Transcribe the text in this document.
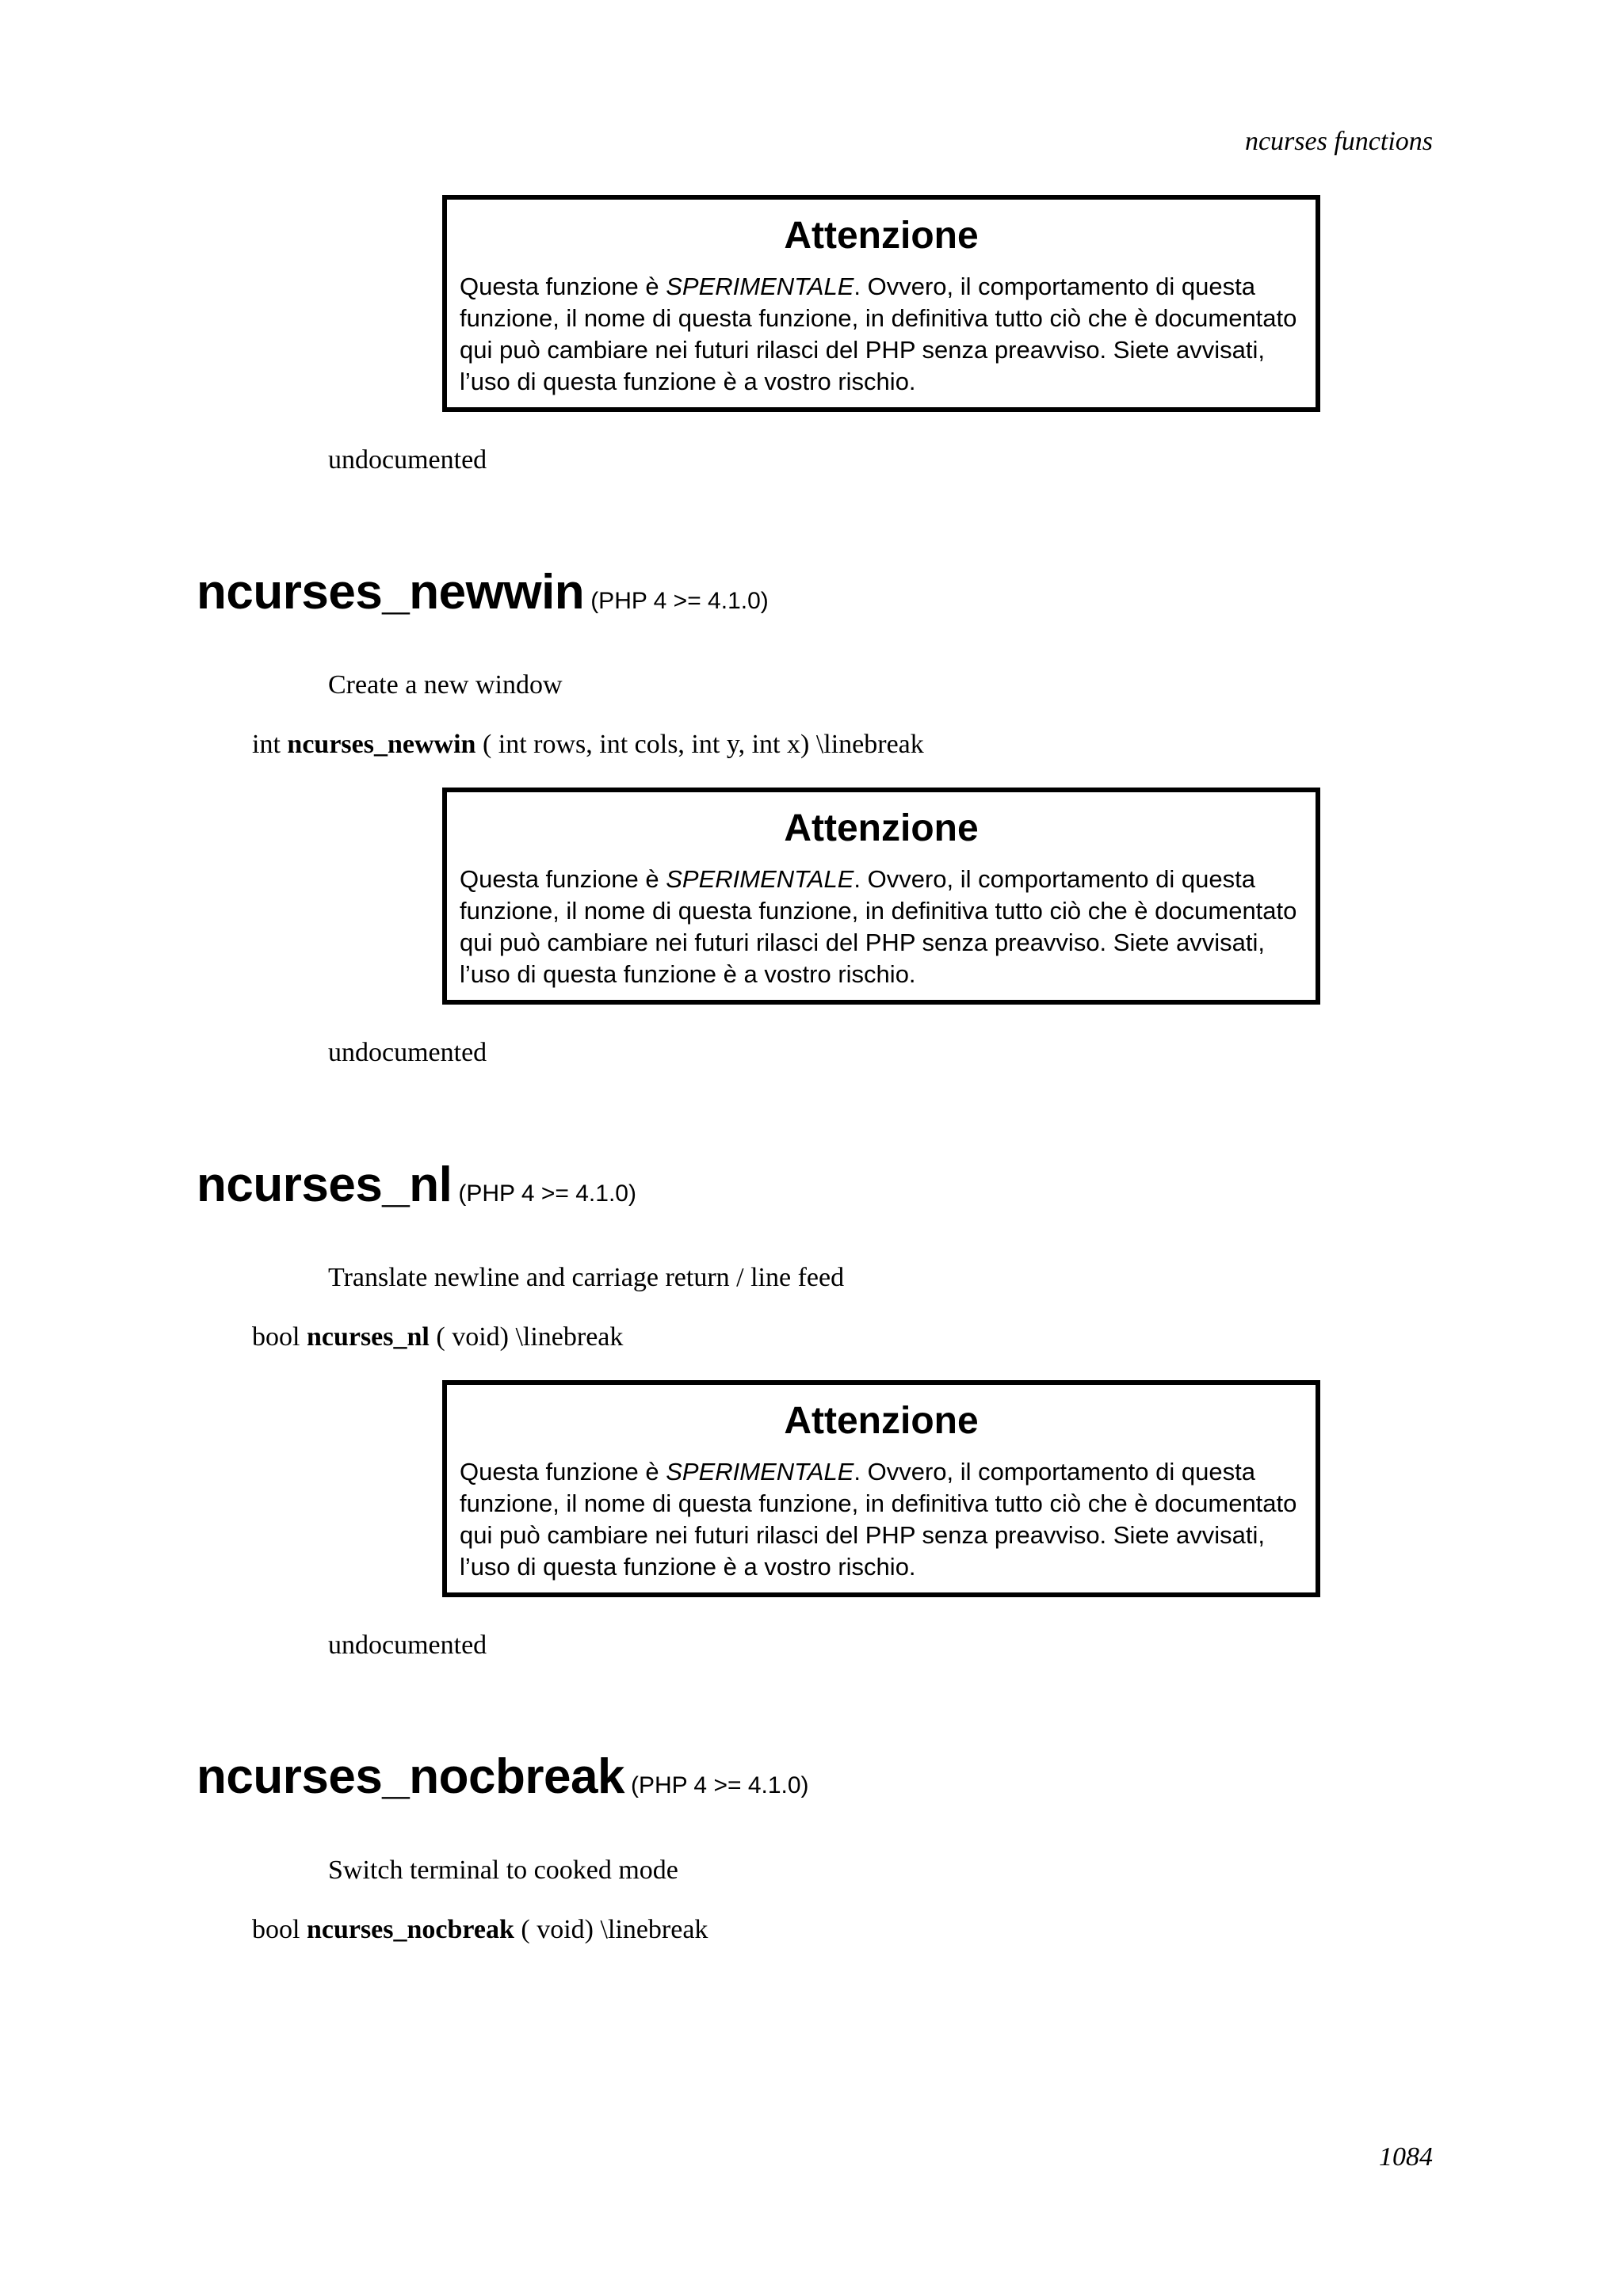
ncurses functions
Attenzione
Questa funzione è SPERIMENTALE. Ovvero, il comportamento di questa funzione, il nome di questa funzione, in definitiva tutto ciò che è documentato qui può cambiare nei futuri rilasci del PHP senza preavviso. Siete avvisati, l’uso di questa funzione è a vostro rischio.
undocumented
ncurses_newwin (PHP 4 >= 4.1.0)
Create a new window
int ncurses_newwin ( int rows, int cols, int y, int x) \linebreak
Attenzione
Questa funzione è SPERIMENTALE. Ovvero, il comportamento di questa funzione, il nome di questa funzione, in definitiva tutto ciò che è documentato qui può cambiare nei futuri rilasci del PHP senza preavviso. Siete avvisati, l’uso di questa funzione è a vostro rischio.
undocumented
ncurses_nl (PHP 4 >= 4.1.0)
Translate newline and carriage return / line feed
bool ncurses_nl ( void) \linebreak
Attenzione
Questa funzione è SPERIMENTALE. Ovvero, il comportamento di questa funzione, il nome di questa funzione, in definitiva tutto ciò che è documentato qui può cambiare nei futuri rilasci del PHP senza preavviso. Siete avvisati, l’uso di questa funzione è a vostro rischio.
undocumented
ncurses_nocbreak (PHP 4 >= 4.1.0)
Switch terminal to cooked mode
bool ncurses_nocbreak ( void) \linebreak
1084
